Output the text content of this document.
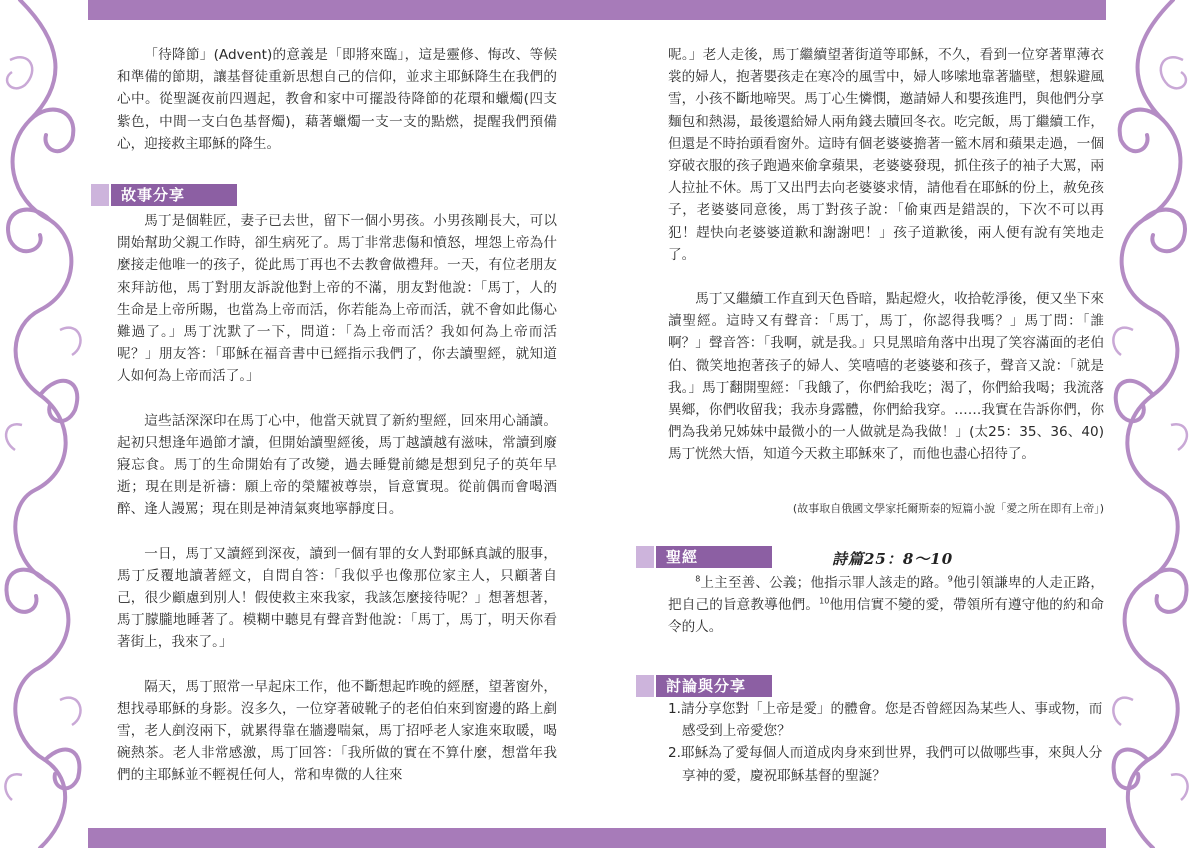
「待降節」(Advent)的意義是「即將來臨」，這是靈修、悔改、等候和準備的節期，讓基督徒重新思想自己的信仰，並求主耶穌降生在我們的心中。從聖誕夜前四週起，教會和家中可擺設待降節的花環和蠟燭(四支紫色，中間一支白色基督燭)，藉著蠟燭一支一支的點燃，提醒我們預備心，迎接救主耶穌的降生。

故事分享

馬丁是個鞋匠，妻子已去世，留下一個小男孩。小男孩剛長大，可以開始幫助父親工作時，卻生病死了。馬丁非常悲傷和憤怒，埋怨上帝為什麼接走他唯一的孩子，從此馬丁再也不去教會做禮拜。一天，有位老朋友來拜訪他，馬丁對朋友訴說他對上帝的不滿，朋友對他說：「馬丁，人的生命是上帝所賜，也當為上帝而活，你若能為上帝而活，就不會如此傷心難過了。」馬丁沈默了一下，問道：「為上帝而活？我如何為上帝而活呢？」朋友答：「耶穌在福音書中已經指示我們了，你去讀聖經，就知道人如何為上帝而活了。」

這些話深深印在馬丁心中，他當天就買了新約聖經，回來用心誦讀。起初只想逢年過節才讀，但開始讀聖經後，馬丁越讀越有滋味，常讀到廢寢忘食。馬丁的生命開始有了改變，過去睡覺前總是想到兒子的英年早逝；現在則是祈禱：願上帝的榮耀被尊崇，旨意實現。從前偶而會喝酒醉、逢人謾罵；現在則是神清氣爽地寧靜度日。

一日，馬丁又讀經到深夜，讀到一個有罪的女人對耶穌真誠的服事，馬丁反覆地讀著經文，自問自答：「我似乎也像那位家主人，只顧著自己，很少顧慮到別人！假使救主來我家，我該怎麼接待呢？」想著想著，馬丁朦朧地睡著了。模糊中聽見有聲音對他說：「馬丁，馬丁，明天你看著街上，我來了。」

隔天，馬丁照常一早起床工作，他不斷想起昨晚的經歷，望著窗外，想找尋耶穌的身影。沒多久，一位穿著破靴子的老伯伯來到窗邊的路上剷雪，老人剷沒兩下，就累得靠在牆邊喘氣，馬丁招呼老人家進來取暖，喝碗熱茶。老人非常感激，馬丁回答：「我所做的實在不算什麼，想當年我們的主耶穌並不輕視任何人，常和卑微的人往來

呢。」老人走後，馬丁繼續望著街道等耶穌，不久，看到一位穿著單薄衣裳的婦人，抱著嬰孩走在寒冷的風雪中，婦人哆嗦地靠著牆壁，想躲避風雪，小孩不斷地啼哭。馬丁心生憐憫，邀請婦人和嬰孩進門，與他們分享麵包和熱湯，最後還給婦人兩角錢去贖回冬衣。吃完飯，馬丁繼續工作，但還是不時抬頭看窗外。這時有個老婆婆擔著一籃木屑和蘋果走過，一個穿破衣服的孩子跑過來偷拿蘋果，老婆婆發現，抓住孩子的袖子大罵，兩人拉扯不休。馬丁又出門去向老婆婆求情，請他看在耶穌的份上，赦免孩子，老婆婆同意後，馬丁對孩子說：「偷東西是錯誤的，下次不可以再犯！趕快向老婆婆道歉和謝謝吧！」孩子道歉後，兩人便有說有笑地走了。

馬丁又繼續工作直到天色昏暗，點起燈火，收拾乾淨後，便又坐下來讀聖經。這時又有聲音：「馬丁，馬丁，你認得我嗎？」馬丁問：「誰啊？」聲音答：「我啊，就是我。」只見黑暗角落中出現了笑容滿面的老伯伯、微笑地抱著孩子的婦人、笑嘻嘻的老婆婆和孩子，聲音又說：「就是我。」馬丁翻開聖經：「我餓了，你們給我吃；渴了，你們給我喝；我流落異鄉，你們收留我；我赤身露體，你們給我穿。……我實在告訴你們，你們為我弟兄姊妹中最微小的一人做就是為我做！」(太25：35、36、40)馬丁恍然大悟，知道今天救主耶穌來了，而他也盡心招待了。

(故事取自俄國文學家托爾斯泰的短篇小說「愛之所在即有上帝」)
聖經	詩篇25：8～10
$^8$上主至善、公義；他指示罪人該走的路。$^9$他引領謙卑的人走正路，把自己的旨意教導他們。$^{10}$他用信實不變的愛，帶領所有遵守他的約和命令的人。
討論與分享
1.請分享您對「上帝是愛」的體會。您是否曾經因為某些人、事或物，而感受到上帝愛您？
2.耶穌為了愛每個人而道成肉身來到世界，我們可以做哪些事，來與人分享神的愛，慶祝耶穌基督的聖誕？
